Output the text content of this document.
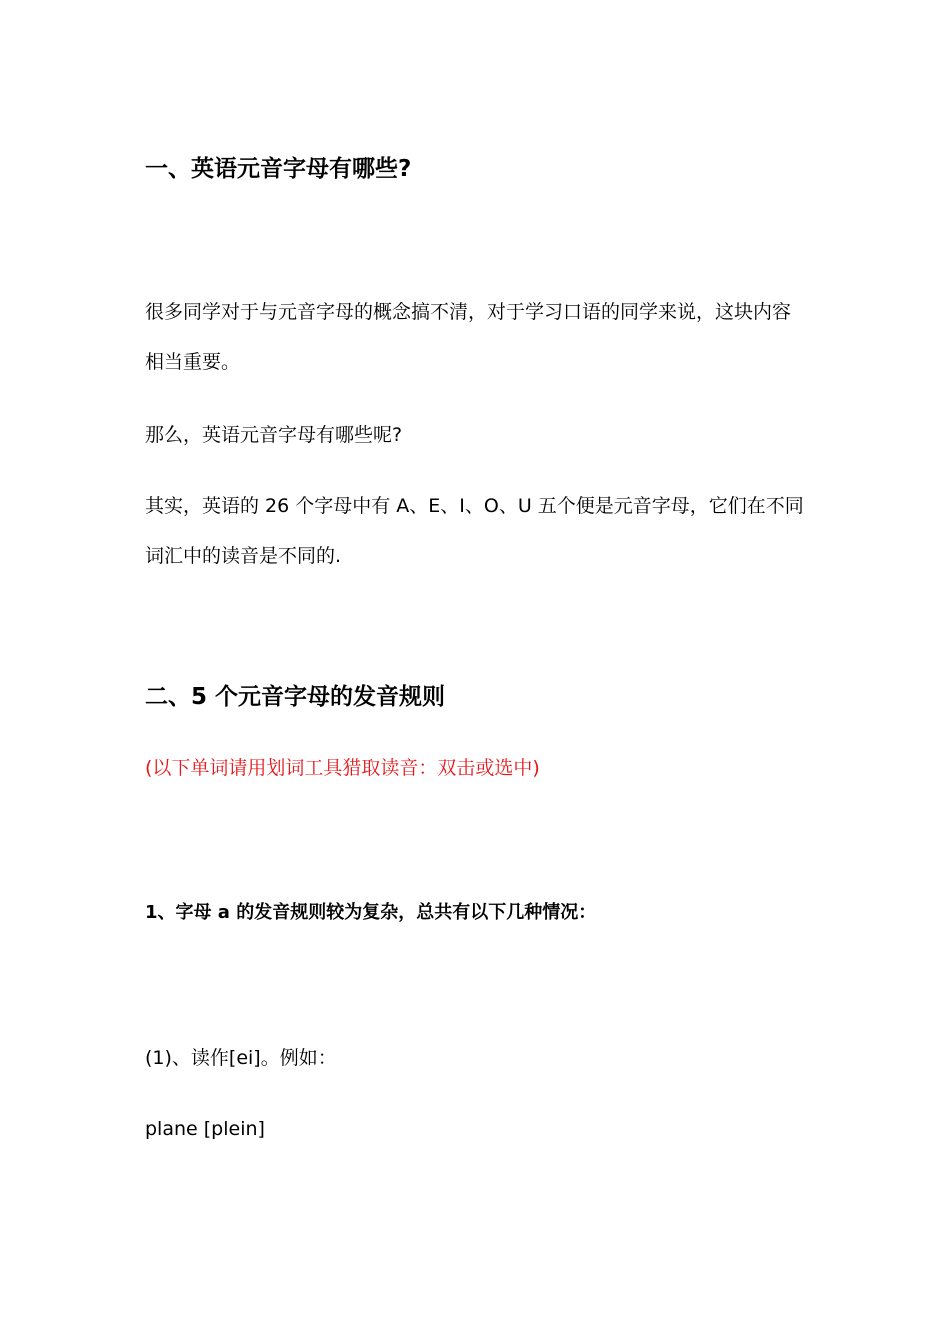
一、英语元音字母有哪些?
很多同学对于与元音字母的概念搞不清，对于学习口语的同学来说，这块内容
相当重要。
那么，英语元音字母有哪些呢?
其实，英语的 26 个字母中有 A、E、I、O、U 五个便是元音字母，它们在不同
词汇中的读音是不同的.
二、5 个元音字母的发音规则
(以下单词请用划词工具猎取读音：双击或选中)
1、字母 a 的发音规则较为复杂，总共有以下几种情况：
(1)、读作[ei]。例如：
plane [plein]
